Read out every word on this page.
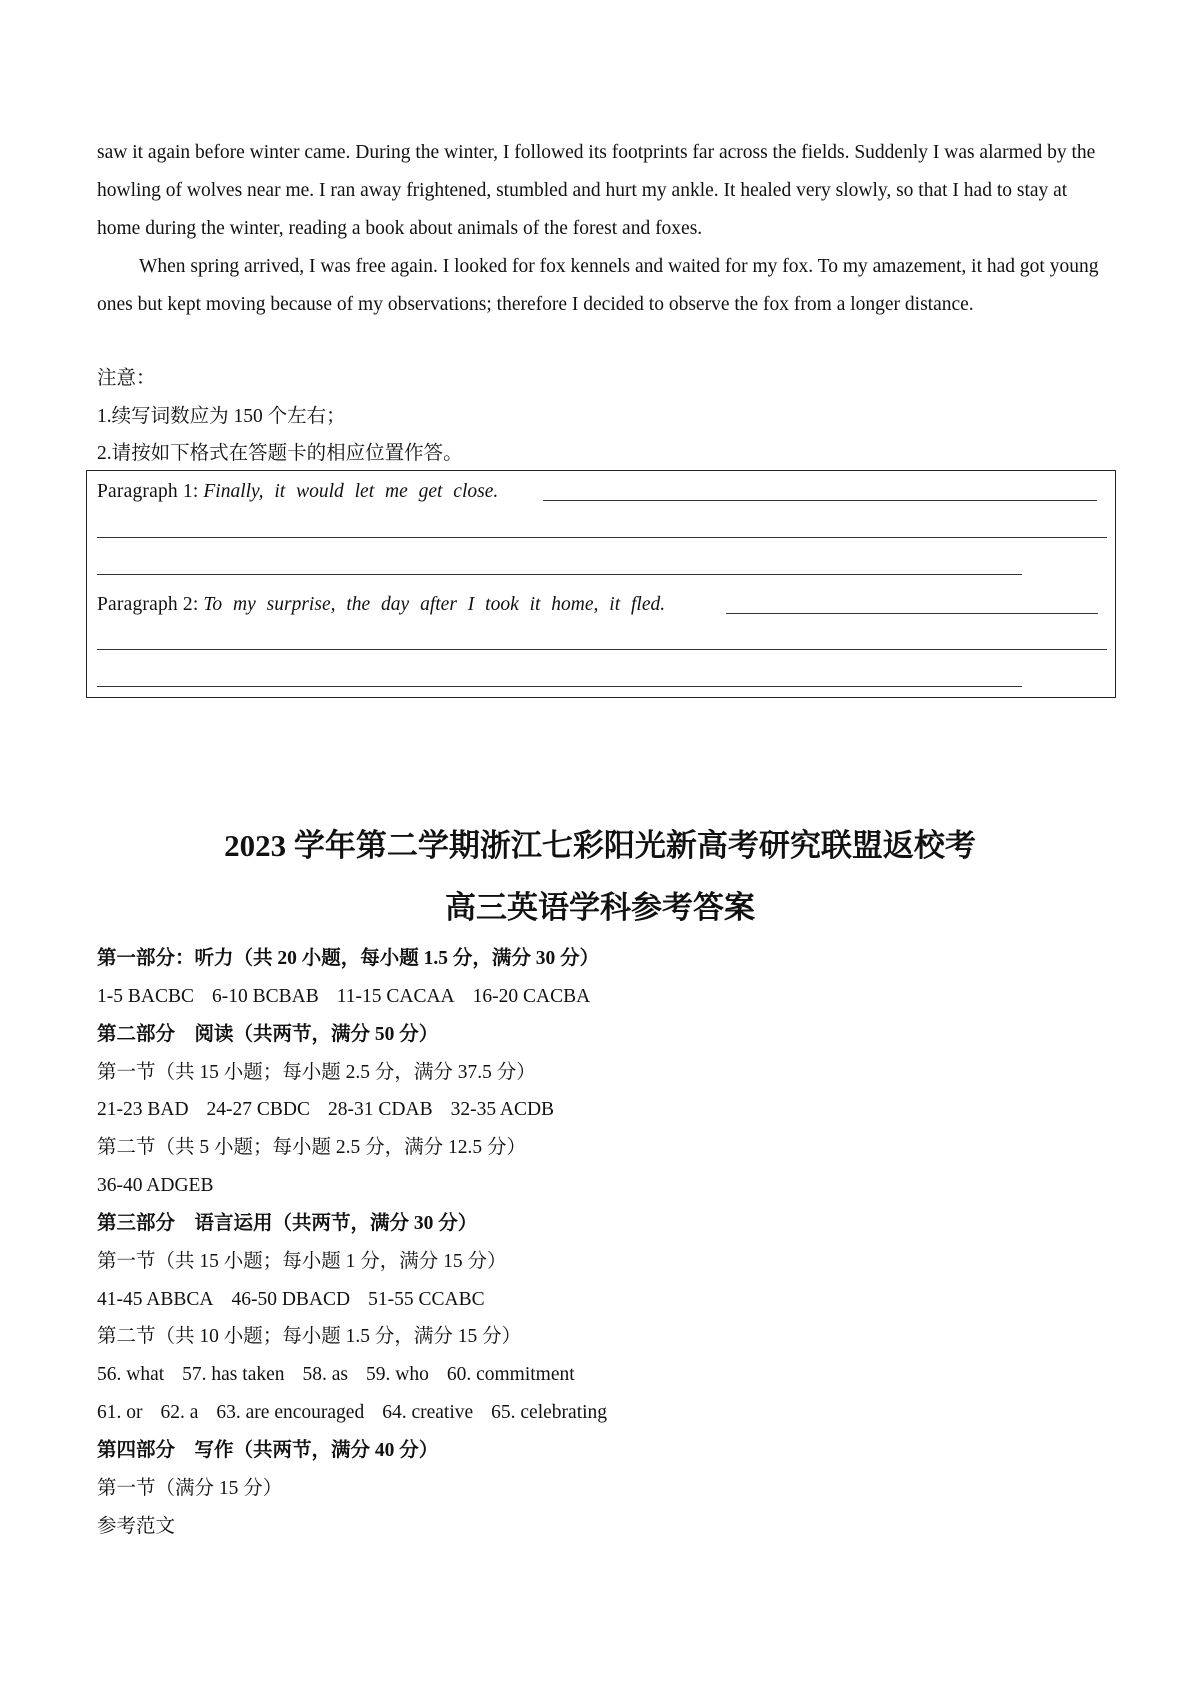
saw it again before winter came. During the winter, I followed its footprints far across the fields. Suddenly I was alarmed by the howling of wolves near me. I ran away frightened, stumbled and hurt my ankle. It healed very slowly, so that I had to stay at home during the winter, reading a book about animals of the forest and foxes.

When spring arrived, I was free again. I looked for fox kennels and waited for my fox. To my amazement, it had got young ones but kept moving because of my observations; therefore I decided to observe the fox from a longer distance.

注意：

1.续写词数应为 150 个左右；

2.请按如下格式在答题卡的相应位置作答。

Paragraph 1: Finally, it would let me get close.
Paragraph 2: To my surprise, the day after I took it home, it fled.

2023 学年第二学期浙江七彩阳光新高考研究联盟返校考

高三英语学科参考答案

第一部分：听力（共 20 小题，每小题 1.5 分，满分 30 分）

1-5 BACBC 6-10 BCBAB 11-15 CACAA 16-20 CACBA

第二部分　阅读（共两节，满分 50 分）

第一节（共 15 小题；每小题 2.5 分，满分 37.5 分）

21-23 BAD 24-27 CBDC 28-31 CDAB 32-35 ACDB

第二节（共 5 小题；每小题 2.5 分，满分 12.5 分）

36-40 ADGEB

第三部分　语言运用（共两节，满分 30 分）

第一节（共 15 小题；每小题 1 分，满分 15 分）

41-45 ABBCA 46-50 DBACD 51-55 CCABC

第二节（共 10 小题；每小题 1.5 分，满分 15 分）

56. what 57. has taken 58. as 59. who 60. commitment

61. or 62. a 63. are encouraged 64. creative 65. celebrating

第四部分　写作（共两节，满分 40 分）

第一节（满分 15 分）

参考范文
